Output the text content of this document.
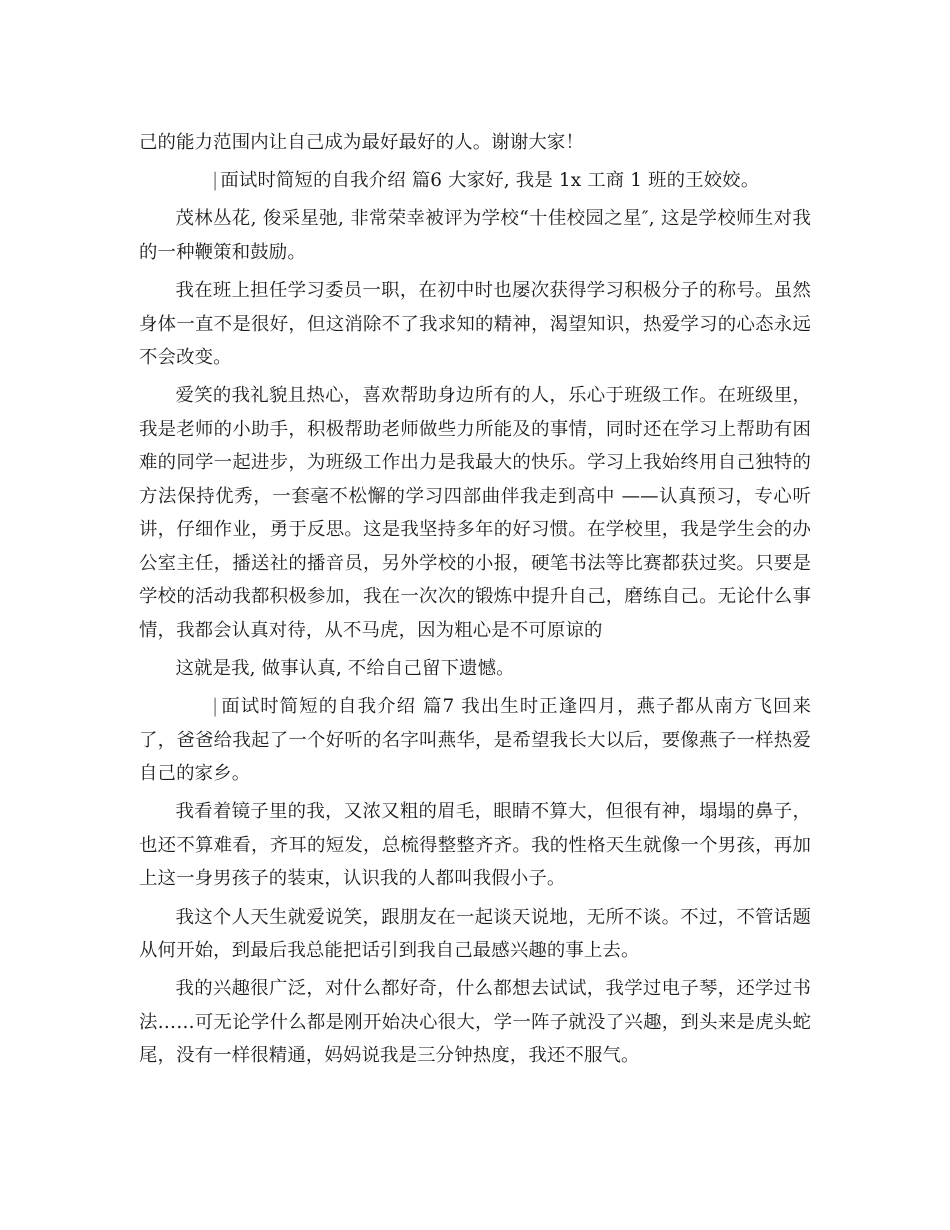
己的能力范围内让自己成为最好最好的人。谢谢大家！

| 面试时简短的自我介绍 篇6 大家好, 我是 1x 工商 1 班的王姣姣。

茂林丛花, 俊采星弛, 非常荣幸被评为学校“十佳校园之星″, 这是学校师生对我的一种鞭策和鼓励。

我在班上担任学习委员一职，在初中时也屡次获得学习积极分子的称号。虽然身体一直不是很好，但这消除不了我求知的精神，渴望知识，热爱学习的心态永远不会改变。

爱笑的我礼貌且热心，喜欢帮助身边所有的人，乐心于班级工作。在班级里，我是老师的小助手，积极帮助老师做些力所能及的事情，同时还在学习上帮助有困难的同学一起进步，为班级工作出力是我最大的快乐。学习上我始终用自己独特的方法保持优秀，一套毫不松懈的学习四部曲伴我走到高中 ——认真预习，专心听讲，仔细作业，勇于反思。这是我坚持多年的好习惯。在学校里，我是学生会的办公室主任，播送社的播音员，另外学校的小报，硬笔书法等比赛都获过奖。只要是学校的活动我都积极参加，我在一次次的锻炼中提升自己，磨练自己。无论什么事情，我都会认真对待，从不马虎，因为粗心是不可原谅的

这就是我, 做事认真, 不给自己留下遗憾。

| 面试时简短的自我介绍 篇7 我出生时正逢四月，燕子都从南方飞回来了，爸爸给我起了一个好听的名字叫燕华，是希望我长大以后，要像燕子一样热爱自己的家乡。

我看着镜子里的我，又浓又粗的眉毛，眼睛不算大，但很有神，塌塌的鼻子，也还不算难看，齐耳的短发，总梳得整整齐齐。我的性格天生就像一个男孩，再加上这一身男孩子的装束，认识我的人都叫我假小子。

我这个人天生就爱说笑，跟朋友在一起谈天说地，无所不谈。不过，不管话题从何开始，到最后我总能把话引到我自己最感兴趣的事上去。

我的兴趣很广泛，对什么都好奇，什么都想去试试，我学过电子琴，还学过书法……可无论学什么都是刚开始决心很大，学一阵子就没了兴趣，到头来是虎头蛇尾，没有一样很精通，妈妈说我是三分钟热度，我还不服气。
